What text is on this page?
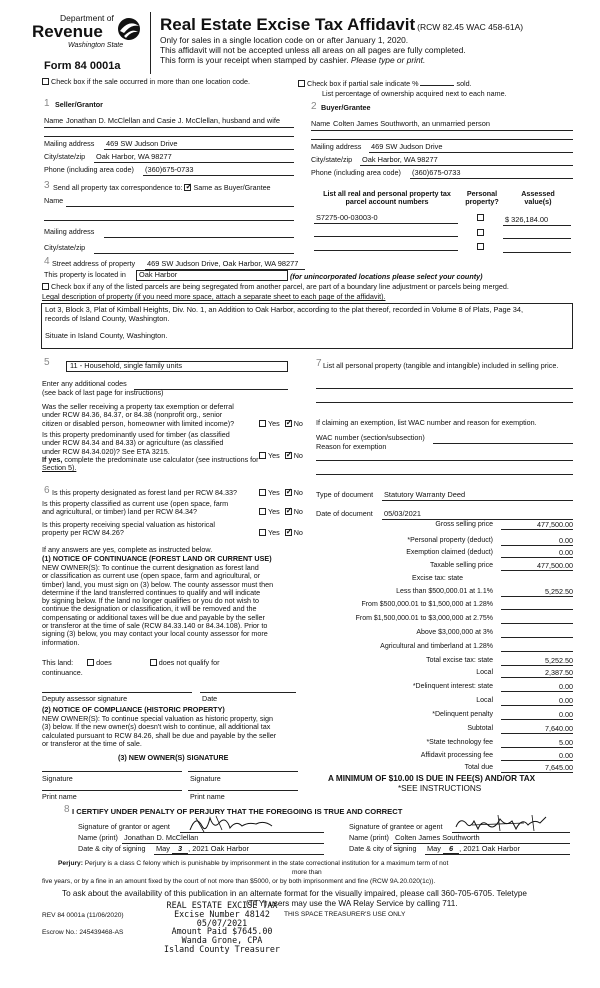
Department of
Revenue
Washington State
Form 84 0001a
Real Estate Excise Tax Affidavit (RCW 82.45 WAC 458-61A)
Only for sales in a single location code on or after January 1, 2020.
This affidavit will not be accepted unless all areas on all pages are fully completed.
This form is your receipt when stamped by cashier. Please type or print.
Check box if the sale occurred in more than one location code.	Check box if partial sale indicate %	sold.
List percentage of ownership acquired next to each name.
1 Seller/Grantor
Name Jonathan D. McClellan and Casie J. McClellan, husband and wife
Mailing address 469 SW Judson Drive
City/state/zip Oak Harbor, WA 98277
Phone (including area code) (360)675-0733
2 Buyer/Grantee
Name Colten James Southworth, an unmarried person
Mailing address 469 SW Judson Drive
City/state/zip Oak Harbor, WA 98277
Phone (including area code) (360)675-0733
3 Send all property tax correspondence to: ✓ Same as Buyer/Grantee
Name
Mailing address
City/state/zip
List all real and personal property tax parcel account numbers
Personal property?
Assessed value(s)
S7275-00-03003-0	$ 326,184.00
4 Street address of property 469 SW Judson Drive, Oak Harbor, WA 98277
This property is located in	Oak Harbor	(for unincorporated locations please select your county)
Check box if any of the listed parcels are being segregated from another parcel, are part of a boundary line adjustment or parcels being merged.
Legal description of property (if you need more space, attach a separate sheet to each page of the affidavit).
Lot 3, Block 3, Plat of Kimball Heights, Div. No. 1, an Addition to Oak Harbor, according to the plat thereof, recorded in Volume 8 of Plats, Page 34,
records of Island County, Washington.
Situate in Island County, Washington.
5	11 - Household, single family units
Enter any additional codes
(see back of last page for instructions)
Was the seller receiving a property tax exemption or deferral
under RCW 84.36, 84.37, or 84.38 (nonprofit org., senior
citizen or disabled person, homeowner with limited income)?	Yes ✓ No
Is this property predominantly used for timber (as classified
under RCW 84.34 and 84.33) or agriculture (as classified
under RCW 84.34.020)? See ETA 3215.
If yes, complete the predominate use calculator (see instructions for
Section 5).
Yes ✓ No
6 Is this property designated as forest land per RCW 84.33?	Yes ✓ No
Is this property classified as current use (open space, farm
and agricultural, or timber) land per RCW 84.34?	Yes ✓ No
Is this property receiving special valuation as historical
property per RCW 84.26?	Yes ✓ No
If any answers are yes, complete as instructed below.
(1) NOTICE OF CONTINUANCE (FOREST LAND OR CURRENT USE)
NEW OWNER(S): To continue the current designation as forest land
or classification as current use (open space, farm and agricultural, or
timber) land, you must sign on (3) below. The county assessor must then
determine if the land transferred continues to qualify and will indicate
by signing below. If the land no longer qualifies or you do not wish to
continue the designation or classification, it will be removed and the
compensating or additional taxes will be due and payable by the seller
or transferor at the time of sale (RCW 84.33.140 or 84.34.108). Prior to
signing (3) below, you may contact your local county assessor for more
information.
This land:	does	does not qualify for
continuance.
Deputy assessor signature	Date
(2) NOTICE OF COMPLIANCE (HISTORIC PROPERTY)
NEW OWNER(S): To continue special valuation as historic property, sign
(3) below. If the new owner(s) doesn't wish to continue, all additional tax
calculated pursuant to RCW 84.26, shall be due and payable by the seller
or transferor at the time of sale.
(3) NEW OWNER(S) SIGNATURE
Signature	Signature
Print name	Print name
7 List all personal property (tangible and intangible) included in selling price.
If claiming an exemption, list WAC number and reason for exemption.
WAC number (section/subsection)
Reason for exemption
Type of document Statutory Warranty Deed
Date of document 05/03/2021
Gross selling price	477,500.00
*Personal property (deduct)	0.00
Exemption claimed (deduct)	0.00
Taxable selling price	477,500.00
Excise tax: state
Less than $500,000.01 at 1.1%	5,252.50
From $500,000.01 to $1,500,000 at 1.28%
From $1,500,000.01 to $3,000,000 at 2.75%
Above $3,000,000 at 3%
Agricultural and timberland at 1.28%
Total excise tax: state	5,252.50
Local	2,387.50
*Delinquent interest: state	0.00
Local	0.00
*Delinquent penalty	0.00
Subtotal	7,640.00
*State technology fee	5.00
Affidavit processing fee	0.00
Total due	7,645.00
A MINIMUM OF $10.00 IS DUE IN FEE(S) AND/OR TAX
*SEE INSTRUCTIONS
8 I CERTIFY UNDER PENALTY OF PERJURY THAT THE FOREGOING IS TRUE AND CORRECT
Signature of grantor or agent
Name (print) Jonathan D. McClellan
Date & city of signing May 3 , 2021 Oak Harbor
Signature of grantee or agent
Name (print) Colten James Southworth
Date & city of signing May 6 , 2021 Oak Harbor
Perjury: Perjury is a class C felony which is punishable by imprisonment in the state correctional institution for a maximum term of not
more than
five years, or by a fine in an amount fixed by the court of not more than $5000, or by both imprisonment and fine (RCW 9A.20.020(1c)).
To ask about the availability of this publication in an alternate format for the visually impaired, please call 360-705-6705. Teletype
(TTY) users may use the WA Relay Service by calling 711.
REV 84 0001a (11/06/2020)
Escrow No.: 245439468-AS
THIS SPACE TREASURER'S USE ONLY
REAL ESTATE EXCISE TAX
Excise Number 48142
05/07/2021
Amount Paid $7645.00
Wanda Grone, CPA
Island County Treasurer
